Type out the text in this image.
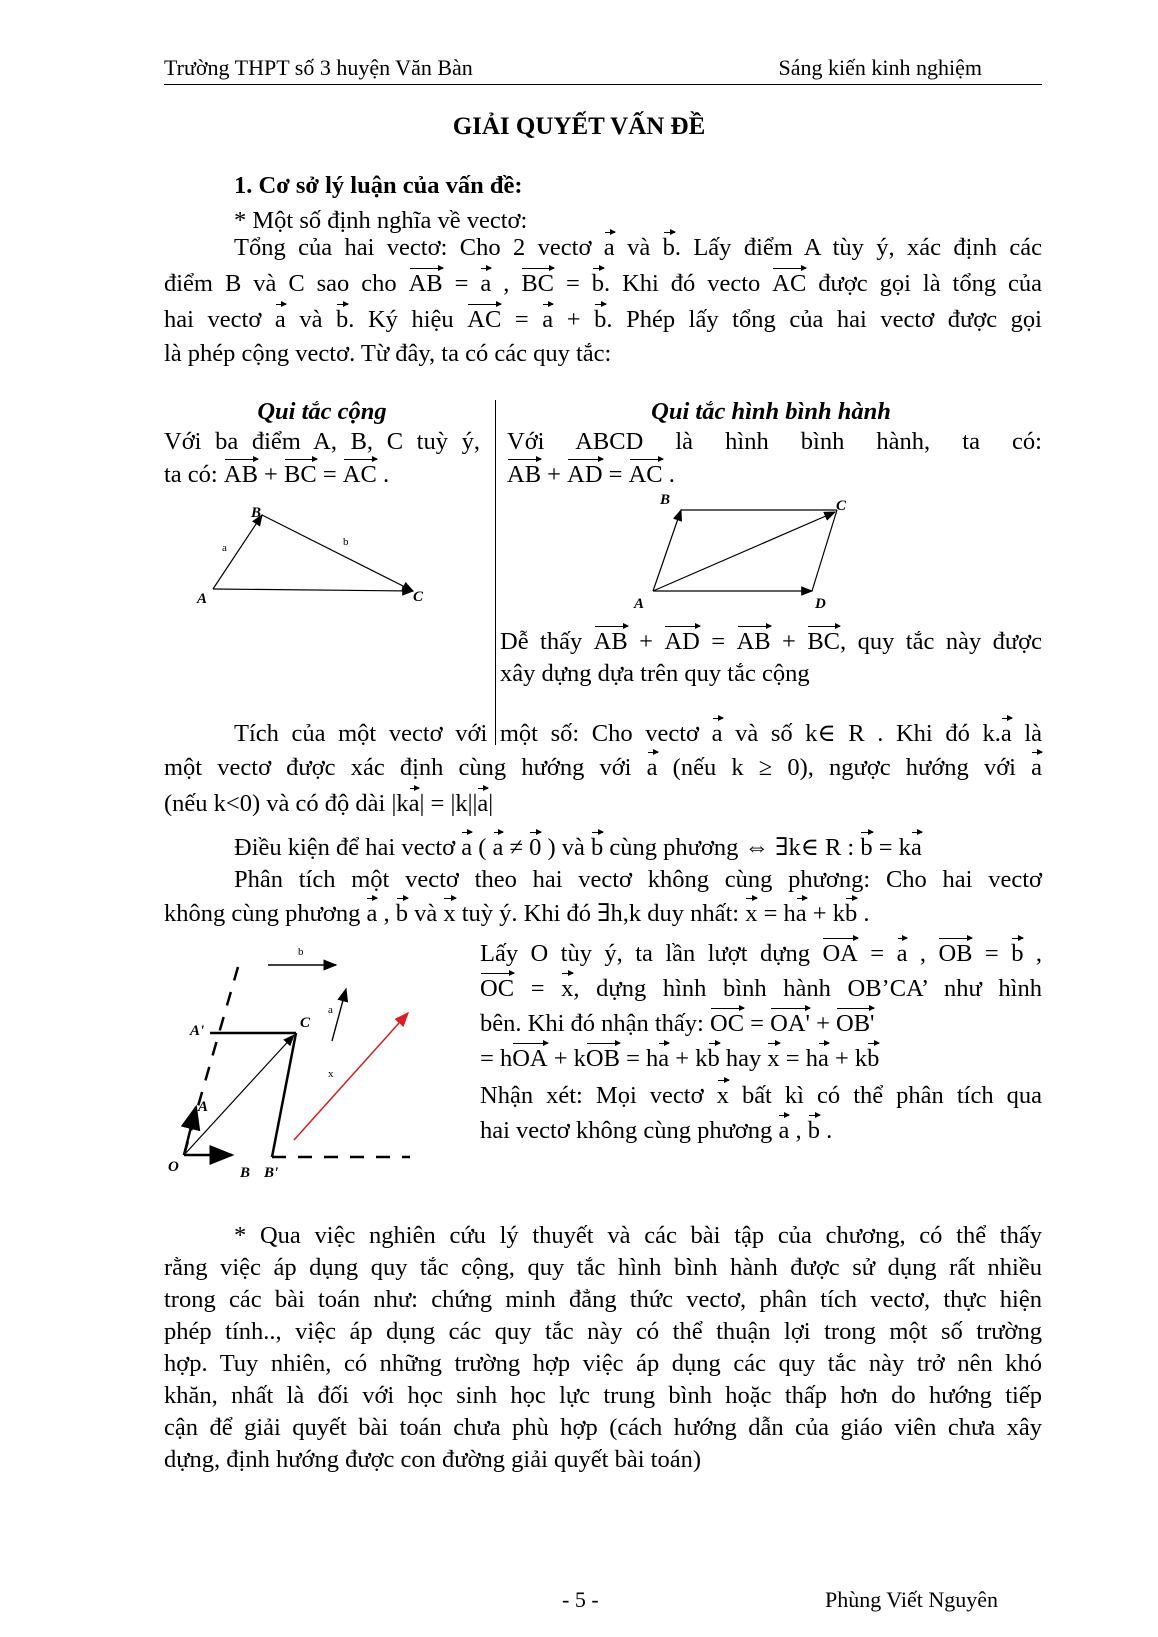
Trường THPT số 3 huyện Văn Bàn	Sáng kiến kinh nghiệm
GIẢI QUYẾT VẤN ĐỀ
1. Cơ sở lý luận của vấn đề:
* Một số định nghĩa về vectơ:
Tổng của hai vectơ: Cho 2 vectơ a và b. Lấy điểm A tùy ý, xác định các
điểm B và C sao cho AB = a , BC = b. Khi đó vecto AC được gọi là tổng của
hai vectơ a và b. Ký hiệu AC = a + b. Phép lấy tổng của hai vectơ được gọi
là phép cộng vectơ. Từ đây, ta có các quy tắc:
Qui tắc cộng	Qui tắc hình bình hành
Với ba điểm A, B, C tuỳ ý,
ta có: AB + BC = AC .
Với ABCD là hình bình hành, ta có:
AB + AD = AC .
A
B
C
a	b
A
B	C
D
Dễ thấy AB + AD = AB + BC, quy tắc này được
xây dựng dựa trên quy tắc cộng
Tích của một vectơ với một số: Cho vectơ a và số k∈ R . Khi đó k.a là
một vectơ được xác định cùng hướng với a (nếu k ≥ 0), ngược hướng với a
(nếu k<0) và có độ dài |ka| = |k||a|
Điều kiện để hai vectơ a ( a ≠ 0 ) và b cùng phương ⇔ ∃k∈ R : b = ka
Phân tích một vectơ theo hai vectơ không cùng phương: Cho hai vectơ
không cùng phương a , b và x tuỳ ý. Khi đó ∃h,k duy nhất: x = ha + kb .
O
A
A'
B B'
C
a
b
x
Lấy O tùy ý, ta lần lượt dựng OA = a , OB = b ,
OC = x, dựng hình bình hành OB’CA’ như hình
bên. Khi đó nhận thấy: OC = OA' + OB'
= hOA + kOB = ha + kb hay x = ha + kb
Nhận xét: Mọi vectơ x bất kì có thể phân tích qua
hai vectơ không cùng phương a , b .
* Qua việc nghiên cứu lý thuyết và các bài tập của chương, có thể thấy
rằng việc áp dụng quy tắc cộng, quy tắc hình bình hành được sử dụng rất nhiều
trong các bài toán như: chứng minh đẳng thức vectơ, phân tích vectơ, thực hiện
phép tính.., việc áp dụng các quy tắc này có thể thuận lợi trong một số trường
hợp. Tuy nhiên, có những trường hợp việc áp dụng các quy tắc này trở nên khó
khăn, nhất là đối với học sinh học lực trung bình hoặc thấp hơn do hướng tiếp
cận để giải quyết bài toán chưa phù hợp (cách hướng dẫn của giáo viên chưa xây
dựng, định hướng được con đường giải quyết bài toán)
- 5 -	Phùng Viết Nguyên
